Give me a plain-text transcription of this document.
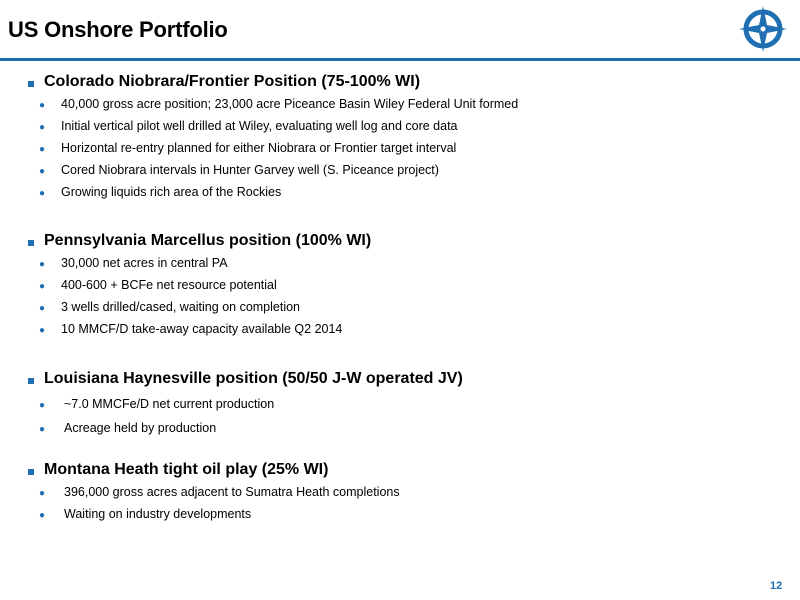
US Onshore Portfolio
Colorado Niobrara/Frontier Position (75-100% WI)
● 40,000 gross acre position; 23,000 acre Piceance Basin Wiley Federal Unit formed
● Initial vertical pilot well drilled at Wiley, evaluating well log and core data
● Horizontal re-entry planned for either Niobrara or Frontier target interval
● Cored Niobrara intervals in Hunter Garvey well (S. Piceance project)
● Growing liquids rich area of the Rockies
Pennsylvania Marcellus position (100% WI)
● 30,000 net acres in central PA
● 400-600 + BCFe net resource potential
● 3 wells drilled/cased, waiting on completion
● 10 MMCF/D take-away capacity available Q2 2014
Louisiana Haynesville position (50/50 J-W operated JV)
● ~7.0 MMCFe/D net current production
● Acreage held by production
Montana Heath tight oil play (25% WI)
● 396,000 gross acres adjacent to Sumatra Heath completions
● Waiting on industry developments
12
